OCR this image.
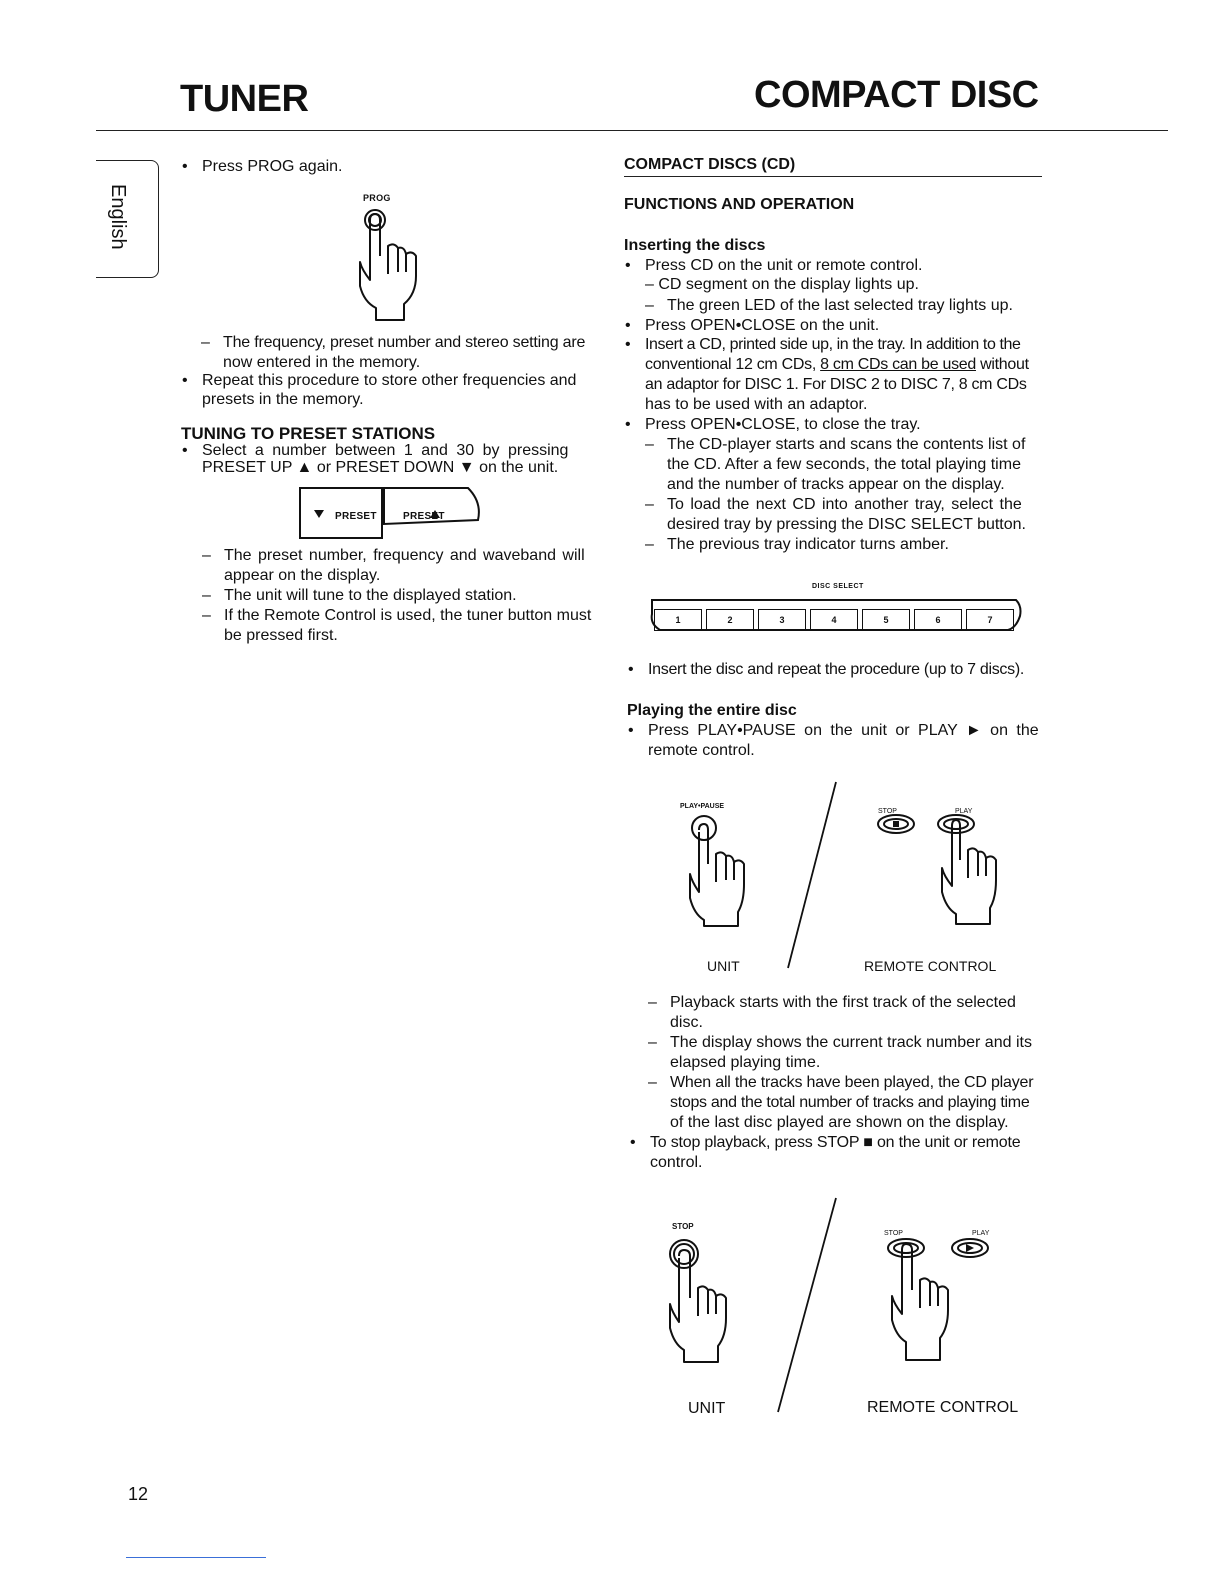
TUNER	COMPACT DISC
English
• Press PROG again.
PROG
– The frequency, preset number and stereo setting are
now entered in the memory.
• Repeat this procedure to store other frequencies and
presets in the memory.
TUNING TO PRESET STATIONS
• Select a number between 1 and 30 by pressing
PRESET UP ▲ or PRESET DOWN ▼ on the unit.
PRESET	PRESET
– The preset number, frequency and waveband will
appear on the display.
– The unit will tune to the displayed station.
– If the Remote Control is used, the tuner button must
be pressed first.
COMPACT DISCS (CD)
FUNCTIONS AND OPERATION
Inserting the discs
• Press CD on the unit or remote control.
– CD segment on the display lights up.
– The green LED of the last selected tray lights up.
• Press OPEN•CLOSE on the unit.
• Insert a CD, printed side up, in the tray. In addition to the
conventional 12 cm CDs, 8 cm CDs can be used without
an adaptor for DISC 1. For DISC 2 to DISC 7, 8 cm CDs
has to be used with an adaptor.
• Press OPEN•CLOSE, to close the tray.
– The CD-player starts and scans the contents list of
the CD. After a few seconds, the total playing time
and the number of tracks appear on the display.
– To load the next CD into another tray, select the
desired tray by pressing the DISC SELECT button.
– The previous tray indicator turns amber.
DISC SELECT
1	2	3	4	5	6	7
• Insert the disc and repeat the procedure (up to 7 discs).
Playing the entire disc
• Press PLAY•PAUSE on the unit or PLAY ► on the
remote control.
PLAY•PAUSE
STOP	PLAY
UNIT	REMOTE CONTROL
– Playback starts with the first track of the selected
disc.
– The display shows the current track number and its
elapsed playing time.
– When all the tracks have been played, the CD player
stops and the total number of tracks and playing time
of the last disc played are shown on the display.
• To stop playback, press STOP ■ on the unit or remote
control.
STOP
STOP	PLAY
UNIT	REMOTE CONTROL
12
